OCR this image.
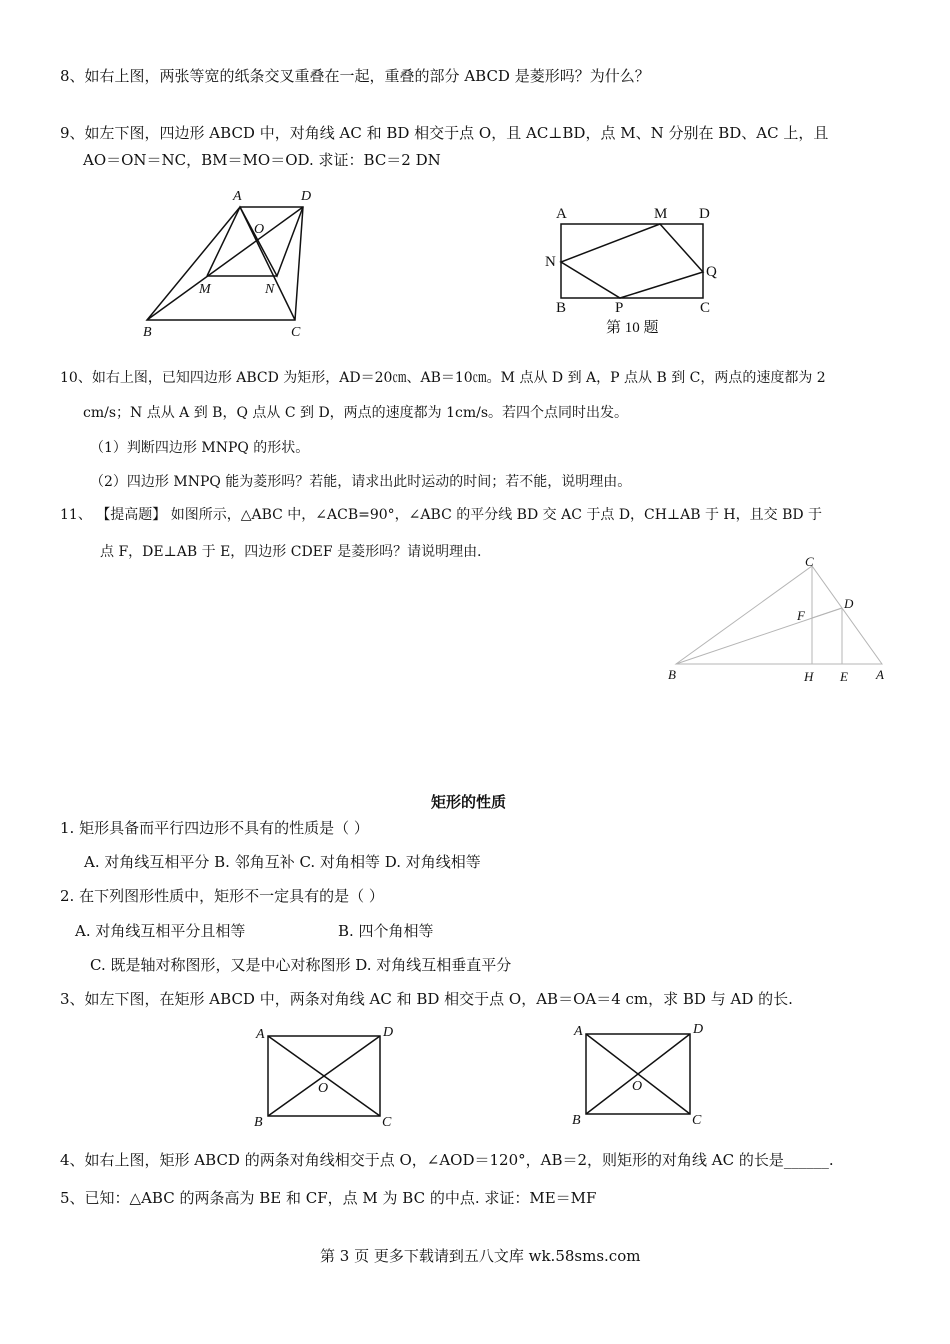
8、如右上图，两张等宽的纸条交叉重叠在一起，重叠的部分 ABCD 是菱形吗？为什么？
9、如左下图，四边形 ABCD 中，对角线 AC 和 BD 相交于点 O，且 AC⊥BD，点 M、N 分别在 BD、AC 上，且
AO＝ON＝NC，BM＝MO＝OD. 求证：BC＝2 DN
A	D
O
M	N
B	C
A	M D
N
Q
B	P	C
第 10 题
10、如右上图，已知四边形 ABCD 为矩形，AD＝20㎝、AB＝10㎝。M 点从 D 到 A，P 点从 B 到 C，两点的速度都为 2
cm/s；N 点从 A 到 B，Q 点从 C 到 D，两点的速度都为 1cm/s。若四个点同时出发。
（1）判断四边形 MNPQ 的形状。
（2）四边形 MNPQ 能为菱形吗？若能，请求出此时运动的时间；若不能，说明理由。
11、 【提高题】 如图所示，△ABC 中，∠ACB=90°，∠ABC 的平分线 BD 交 AC 于点 D，CH⊥AB 于 H，且交 BD 于
点 F，DE⊥AB 于 E，四边形 CDEF 是菱形吗？请说明理由.
C
D
F
B	H E A
矩形的性质
1. 矩形具备而平行四边形不具有的性质是（ ）
A. 对角线互相平分 B. 邻角互补 C. 对角相等 D. 对角线相等
2. 在下列图形性质中，矩形不一定具有的是（ ）
A. 对角线互相平分且相等	B. 四个角相等
C. 既是轴对称图形，又是中心对称图形 D. 对角线互相垂直平分
3、如左下图，在矩形 ABCD 中，两条对角线 AC 和 BD 相交于点 O，AB＝OA＝4 cm，求 BD 与 AD 的长.
A	D
O
B	C
A	D
O
B	C
4、如右上图，矩形 ABCD 的两条对角线相交于点 O，∠AOD＝120°，AB＝2，则矩形的对角线 AC 的长是______.
5、已知：△ABC 的两条高为 BE 和 CF，点 M 为 BC 的中点. 求证：ME＝MF
第 3 页 更多下载请到五八文库 wk.58sms.com
